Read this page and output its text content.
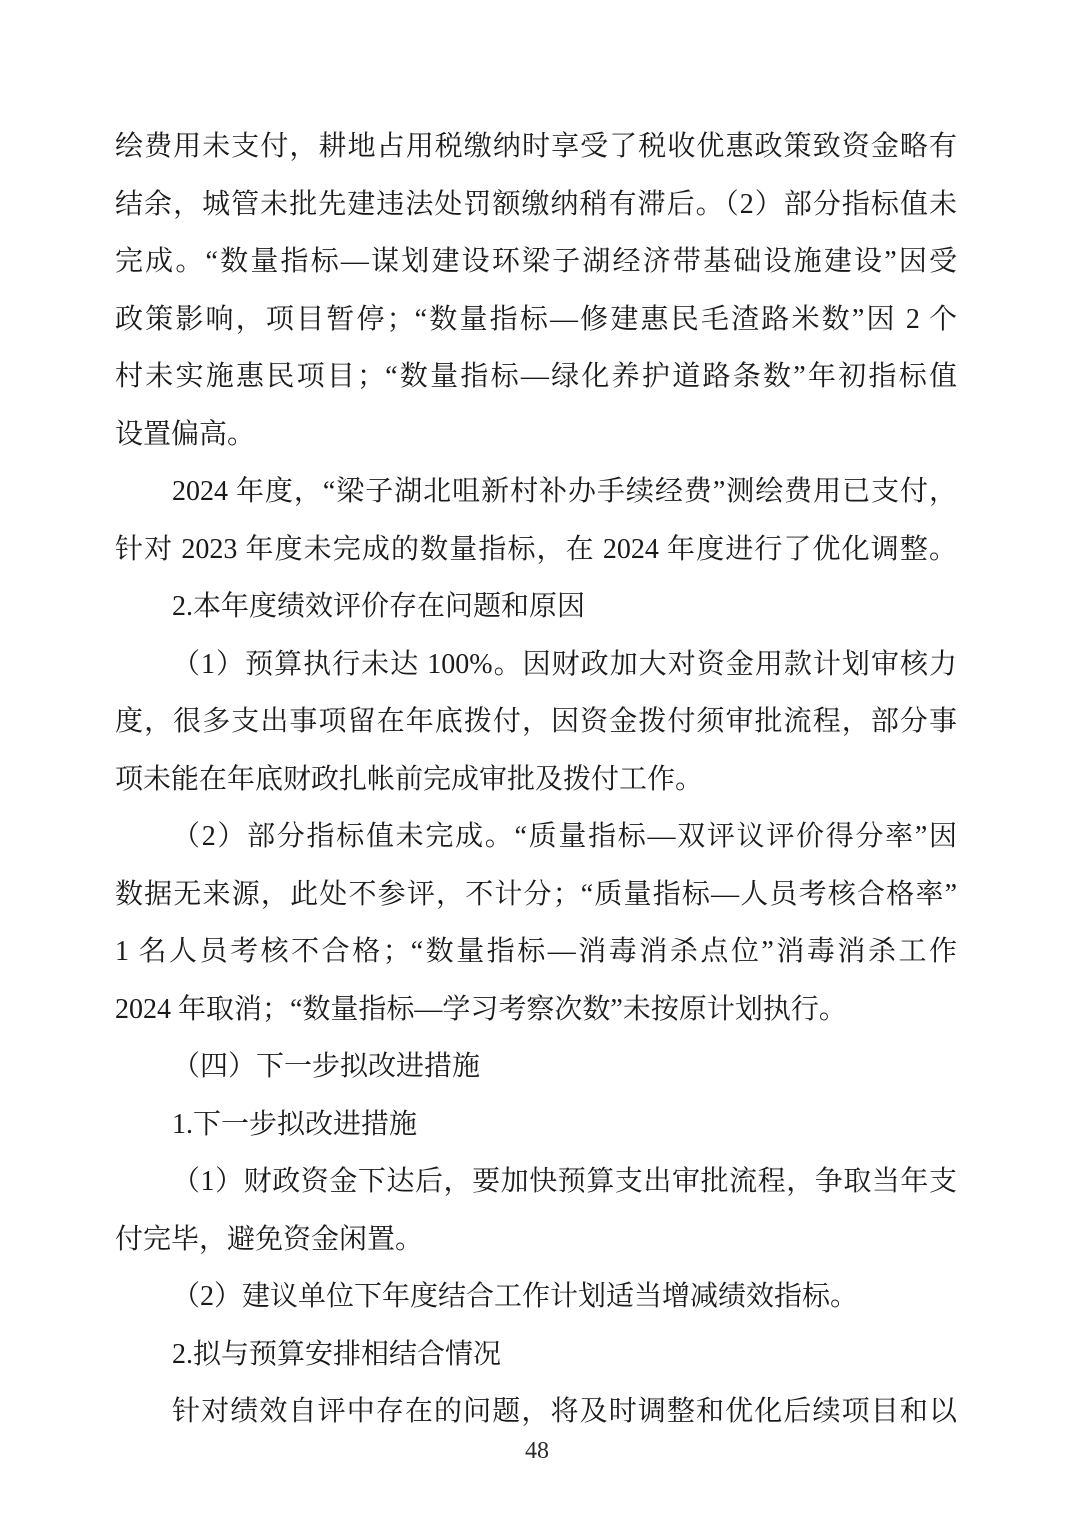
绘费用未支付，耕地占用税缴纳时享受了税收优惠政策致资金略有
结余，城管未批先建违法处罚额缴纳稍有滞后。（2）部分指标值未
完成。“数量指标—谋划建设环梁子湖经济带基础设施建设”因受
政策影响，项目暂停；“数量指标—修建惠民毛渣路米数”因 2 个
村未实施惠民项目；“数量指标—绿化养护道路条数”年初指标值
设置偏高。
2024 年度，“梁子湖北咀新村补办手续经费”测绘费用已支付，
针对 2023 年度未完成的数量指标，在 2024 年度进行了优化调整。
2.本年度绩效评价存在问题和原因
（1）预算执行未达 100%。因财政加大对资金用款计划审核力
度，很多支出事项留在年底拨付，因资金拨付须审批流程，部分事
项未能在年底财政扎帐前完成审批及拨付工作。
（2）部分指标值未完成。“质量指标—双评议评价得分率”因
数据无来源，此处不参评，不计分；“质量指标—人员考核合格率”
1 名人员考核不合格；“数量指标—消毒消杀点位”消毒消杀工作
2024 年取消；“数量指标—学习考察次数”未按原计划执行。
（四）下一步拟改进措施
1.下一步拟改进措施
（1）财政资金下达后，要加快预算支出审批流程，争取当年支
付完毕，避免资金闲置。
（2）建议单位下年度结合工作计划适当增减绩效指标。
2.拟与预算安排相结合情况
针对绩效自评中存在的问题，将及时调整和优化后续项目和以
48
